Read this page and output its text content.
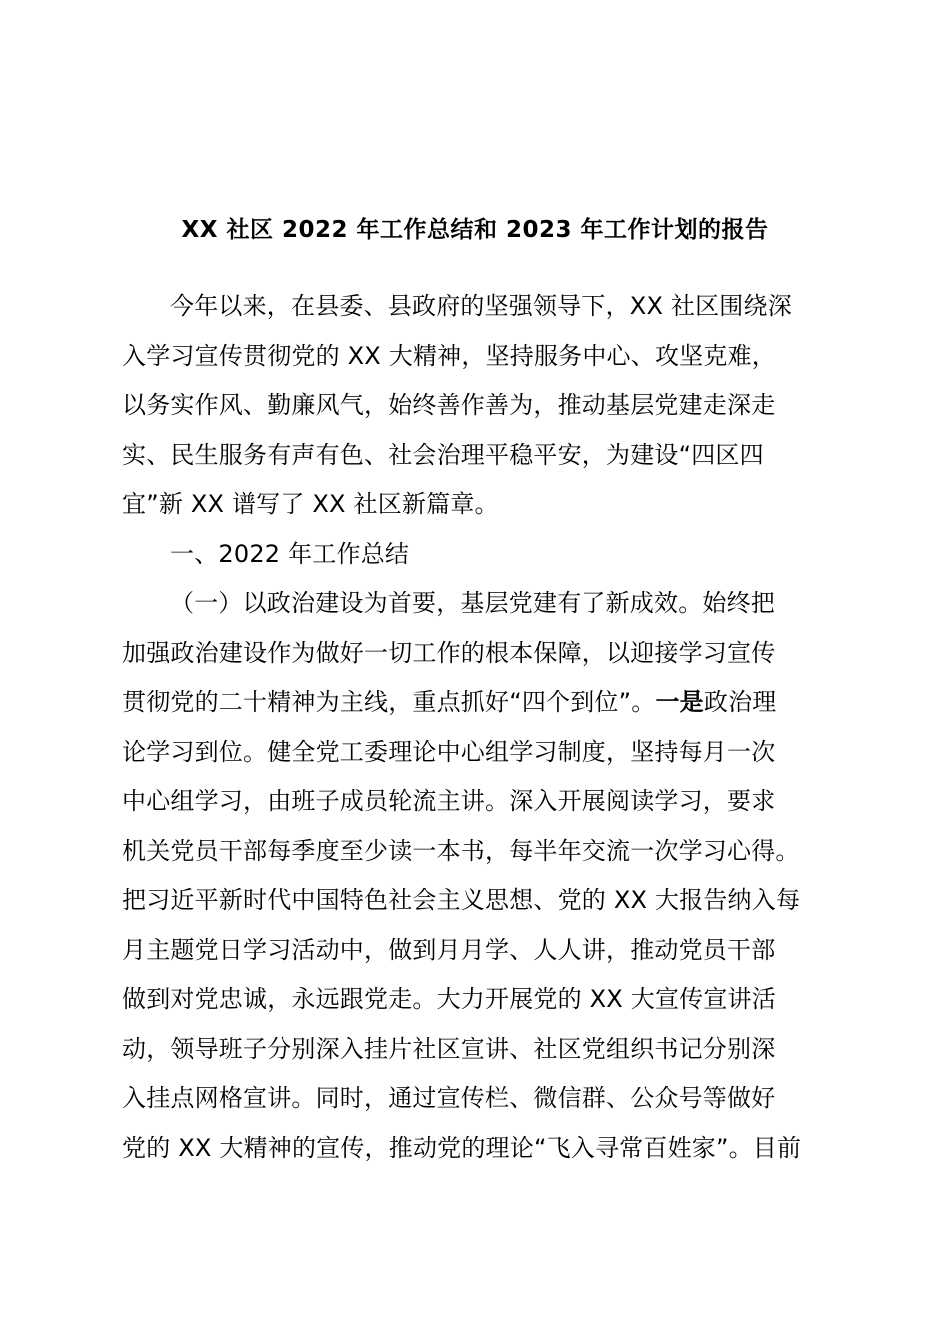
XX 社区 2022 年工作总结和 2023 年工作计划的报告
今年以来，在县委、县政府的坚强领导下，XX 社区围绕深
入学习宣传贯彻党的 XX 大精神，坚持服务中心、攻坚克难，
以务实作风、勤廉风气，始终善作善为，推动基层党建走深走
实、民生服务有声有色、社会治理平稳平安，为建设“四区四
宜”新 XX 谱写了 XX 社区新篇章。
一、2022 年工作总结
（一）以政治建设为首要，基层党建有了新成效。始终把
加强政治建设作为做好一切工作的根本保障，以迎接学习宣传
贯彻党的二十精神为主线，重点抓好“四个到位”。一是政治理
论学习到位。健全党工委理论中心组学习制度，坚持每月一次
中心组学习，由班子成员轮流主讲。深入开展阅读学习，要求
机关党员干部每季度至少读一本书，每半年交流一次学习心得。
把习近平新时代中国特色社会主义思想、党的 XX 大报告纳入每
月主题党日学习活动中，做到月月学、人人讲，推动党员干部
做到对党忠诚，永远跟党走。大力开展党的 XX 大宣传宣讲活
动，领导班子分别深入挂片社区宣讲、社区党组织书记分别深
入挂点网格宣讲。同时，通过宣传栏、微信群、公众号等做好
党的 XX 大精神的宣传，推动党的理论“飞入寻常百姓家”。目前
